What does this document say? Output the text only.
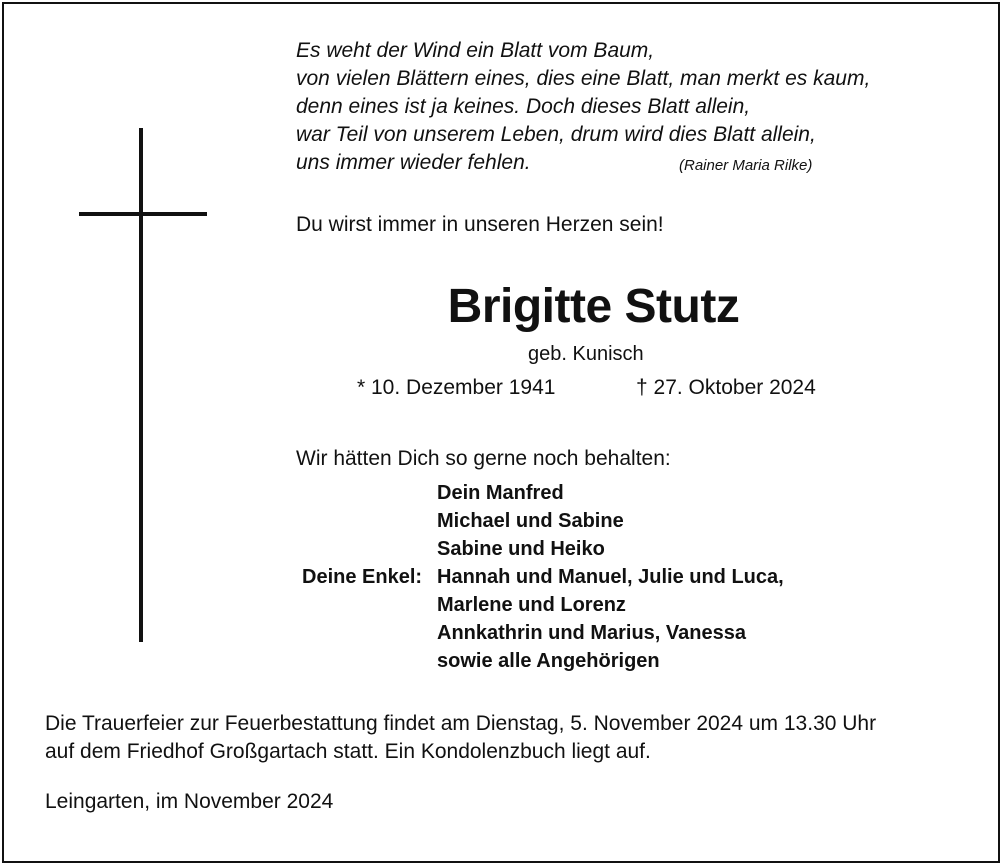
Es weht der Wind ein Blatt vom Baum,
von vielen Blättern eines, dies eine Blatt, man merkt es kaum,
denn eines ist ja keines. Doch dieses Blatt allein,
war Teil von unserem Leben, drum wird dies Blatt allein,
uns immer wieder fehlen.	(Rainer Maria Rilke)
Du wirst immer in unseren Herzen sein!
Brigitte Stutz
geb. Kunisch
* 10. Dezember 1941	† 27. Oktober 2024
Wir hätten Dich so gerne noch behalten:
Dein Manfred
Michael und Sabine
Sabine und Heiko
Hannah und Manuel, Julie und Luca,
Marlene und Lorenz
Annkathrin und Marius, Vanessa
sowie alle Angehörigen
Deine Enkel:
Die Trauerfeier zur Feuerbestattung findet am Dienstag, 5. November 2024 um 13.30 Uhr
auf dem Friedhof Großgartach statt. Ein Kondolenzbuch liegt auf.
Leingarten, im November 2024
